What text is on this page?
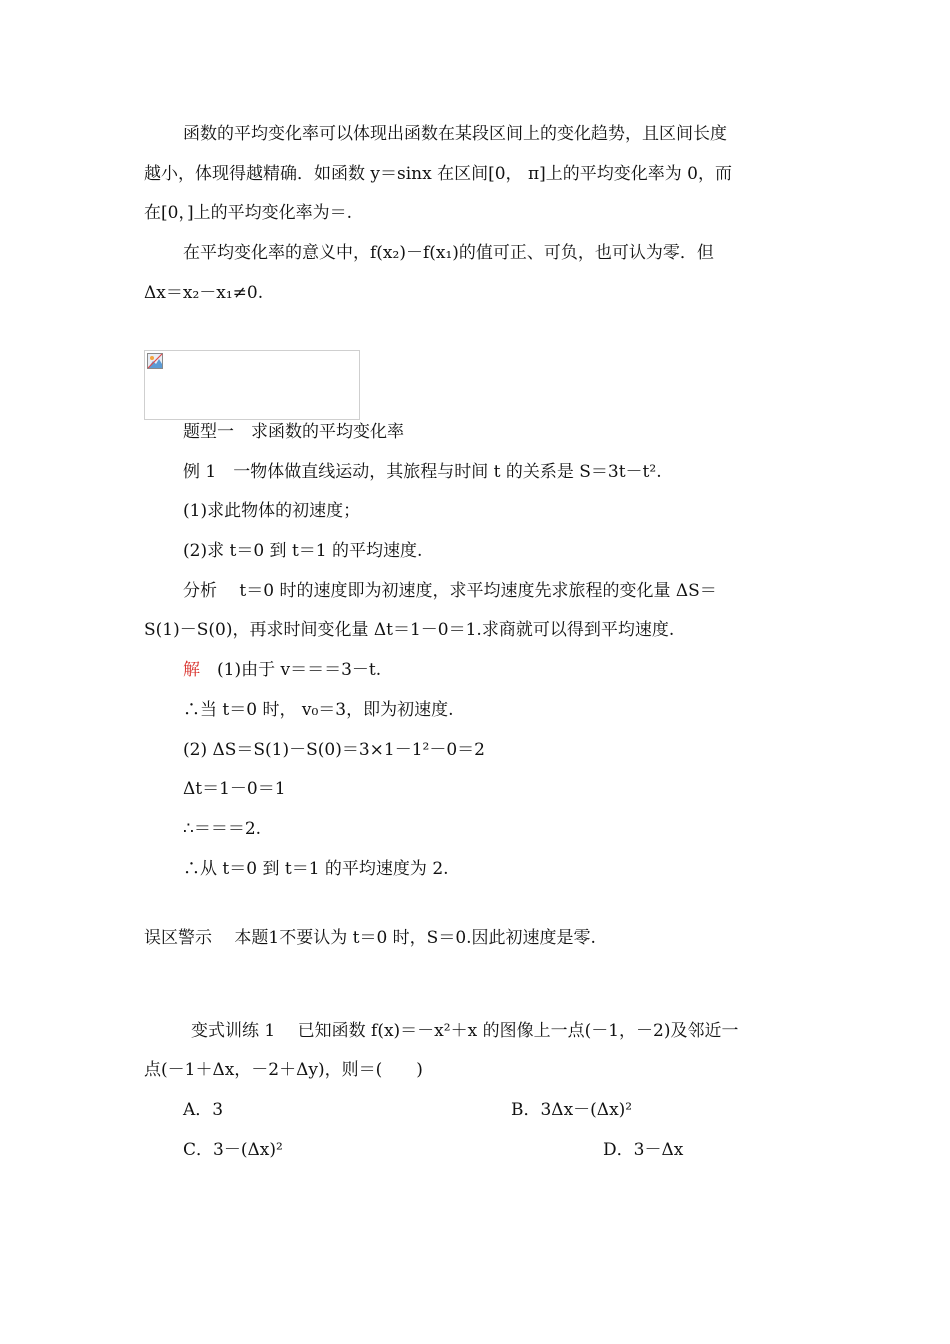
函数的平均变化率可以体现出函数在某段区间上的变化趋势，且区间长度
越小，体现得越精确．如函数 y＝sinx 在区间[0， π]上的平均变化率为 0，而
在[0，]上的平均变化率为＝.
在平均变化率的意义中，f(x₂)－f(x₁)的值可正、可负，也可认为零．但
Δx＝x₂－x₁≠0.
题型一　求函数的平均变化率
例 1　一物体做直线运动，其旅程与时间 t 的关系是 S＝3t－t².
(1)求此物体的初速度；
(2)求 t＝0 到 t＝1 的平均速度.
分析　 t＝0 时的速度即为初速度，求平均速度先求旅程的变化量 ΔS＝
S(1)－S(0)，再求时间变化量 Δt＝1－0＝1.求商就可以得到平均速度.
解　(1)由于 v＝＝＝3－t.
∴当 t＝0 时， v₀＝3，即为初速度.
(2) ΔS＝S(1)－S(0)＝3×1－1²－0＝2
Δt＝1－0＝1
∴＝＝＝2.
∴从 t＝0 到 t＝1 的平均速度为 2.
误区警示　 本题1不要认为 t＝0 时，S＝0.因此初速度是零.
变式训练 1　 已知函数 f(x)＝－x²＋x 的图像上一点(－1，－2)及邻近一
点(－1＋Δx，－2＋Δy)，则＝(　　)
A．3	B．3Δx－(Δx)²
C．3－(Δx)²	D．3－Δx
